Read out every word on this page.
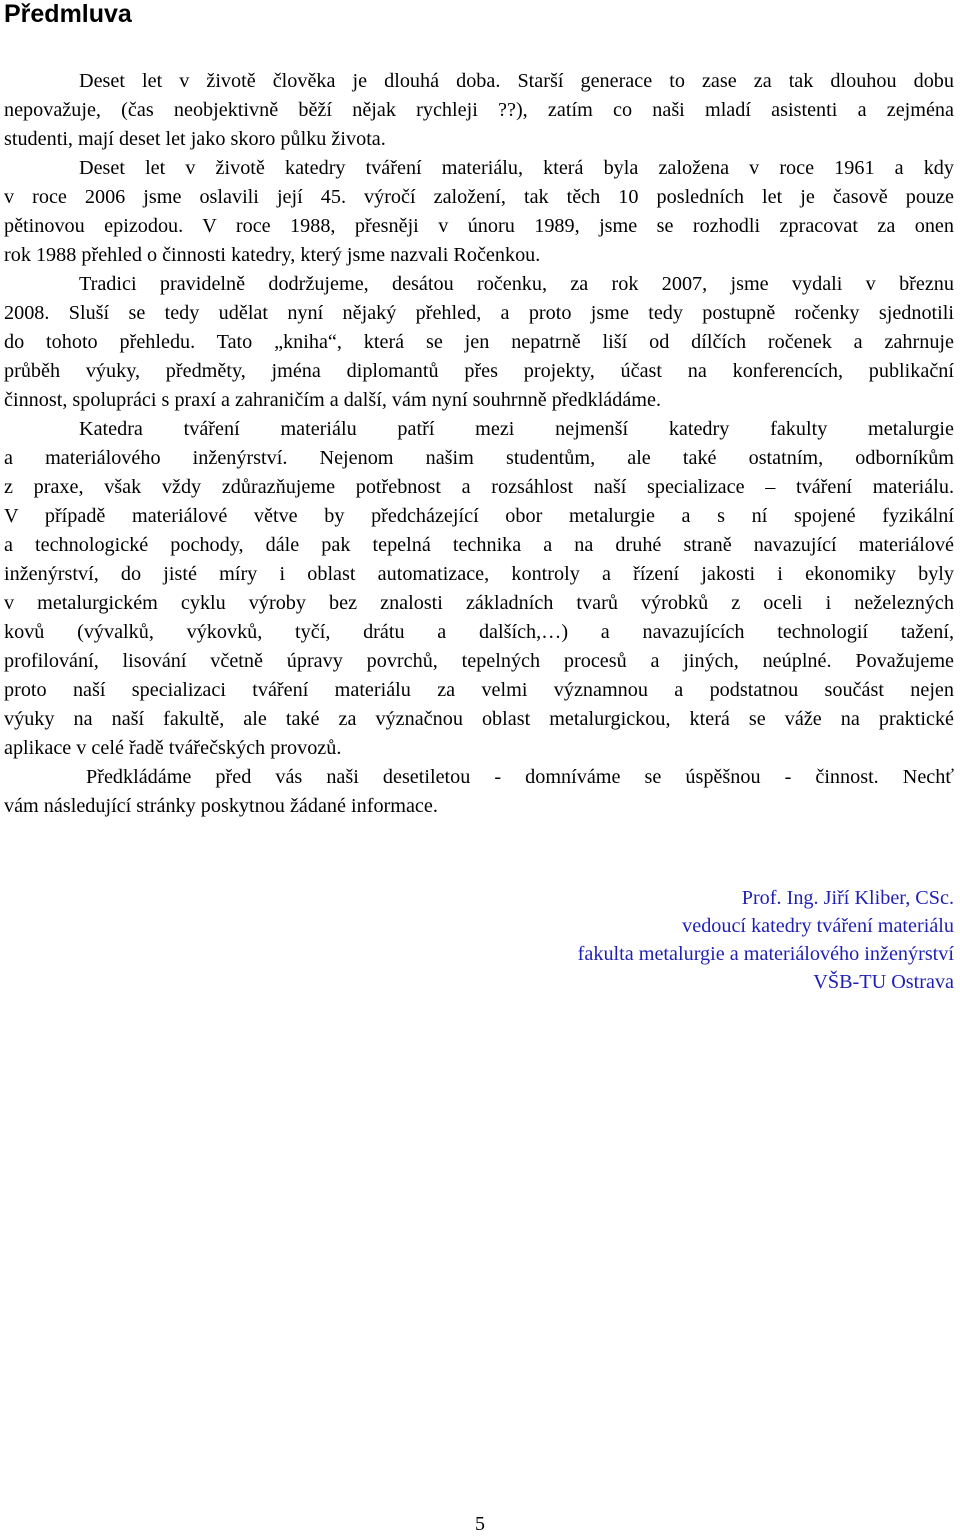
Předmluva
Deset let v životě člověka je dlouhá doba. Starší generace to zase za tak dlouhou dobu
nepovažuje, (čas neobjektivně běží nějak rychleji ??), zatím co naši mladí asistenti a zejména
studenti, mají deset let jako skoro půlku života.
Deset let v životě katedry tváření materiálu, která byla založena v roce 1961 a kdy
v roce 2006 jsme oslavili její 45. výročí založení, tak těch 10 posledních let je časově pouze
pětinovou epizodou. V roce 1988, přesněji v únoru 1989, jsme se rozhodli zpracovat za onen
rok 1988 přehled o činnosti katedry, který jsme nazvali Ročenkou.
Tradici pravidelně dodržujeme, desátou ročenku, za rok 2007, jsme vydali v březnu
2008. Sluší se tedy udělat nyní nějaký přehled, a proto jsme tedy postupně ročenky sjednotili
do tohoto přehledu. Tato „kniha“, která se jen nepatrně liší od dílčích ročenek a zahrnuje
průběh výuky, předměty, jména diplomantů přes projekty, účast na konferencích, publikační
činnost, spolupráci s praxí a zahraničím a další, vám nyní souhrnně předkládáme.
Katedra tváření materiálu patří mezi nejmenší katedry fakulty metalurgie
a materiálového inženýrství. Nejenom našim studentům, ale také ostatním, odborníkům
z praxe, však vždy zdůrazňujeme potřebnost a rozsáhlost naší specializace – tváření materiálu.
V případě materiálové větve by předcházející obor metalurgie a s ní spojené fyzikální
a technologické pochody, dále pak tepelná technika a na druhé straně navazující materiálové
inženýrství, do jisté míry i oblast automatizace, kontroly a řízení jakosti i ekonomiky byly
v metalurgickém cyklu výroby bez znalosti základních tvarů výrobků z oceli i neželezných
kovů (vývalků, výkovků, tyčí, drátu a dalších,…) a navazujících technologií tažení,
profilování, lisování včetně úpravy povrchů, tepelných procesů a jiných, neúplné. Považujeme
proto naší specializaci tváření materiálu za velmi významnou a podstatnou součást nejen
výuky na naší fakultě, ale také za význačnou oblast metalurgickou, která se váže na praktické
aplikace v celé řadě tvářečských provozů.
Předkládáme před vás naši desetiletou - domníváme se úspěšnou - činnost. Nechť
vám následující stránky poskytnou žádané informace.
Prof. Ing. Jiří Kliber, CSc.
vedoucí katedry tváření materiálu
fakulta metalurgie a materiálového inženýrství
VŠB-TU Ostrava
5
